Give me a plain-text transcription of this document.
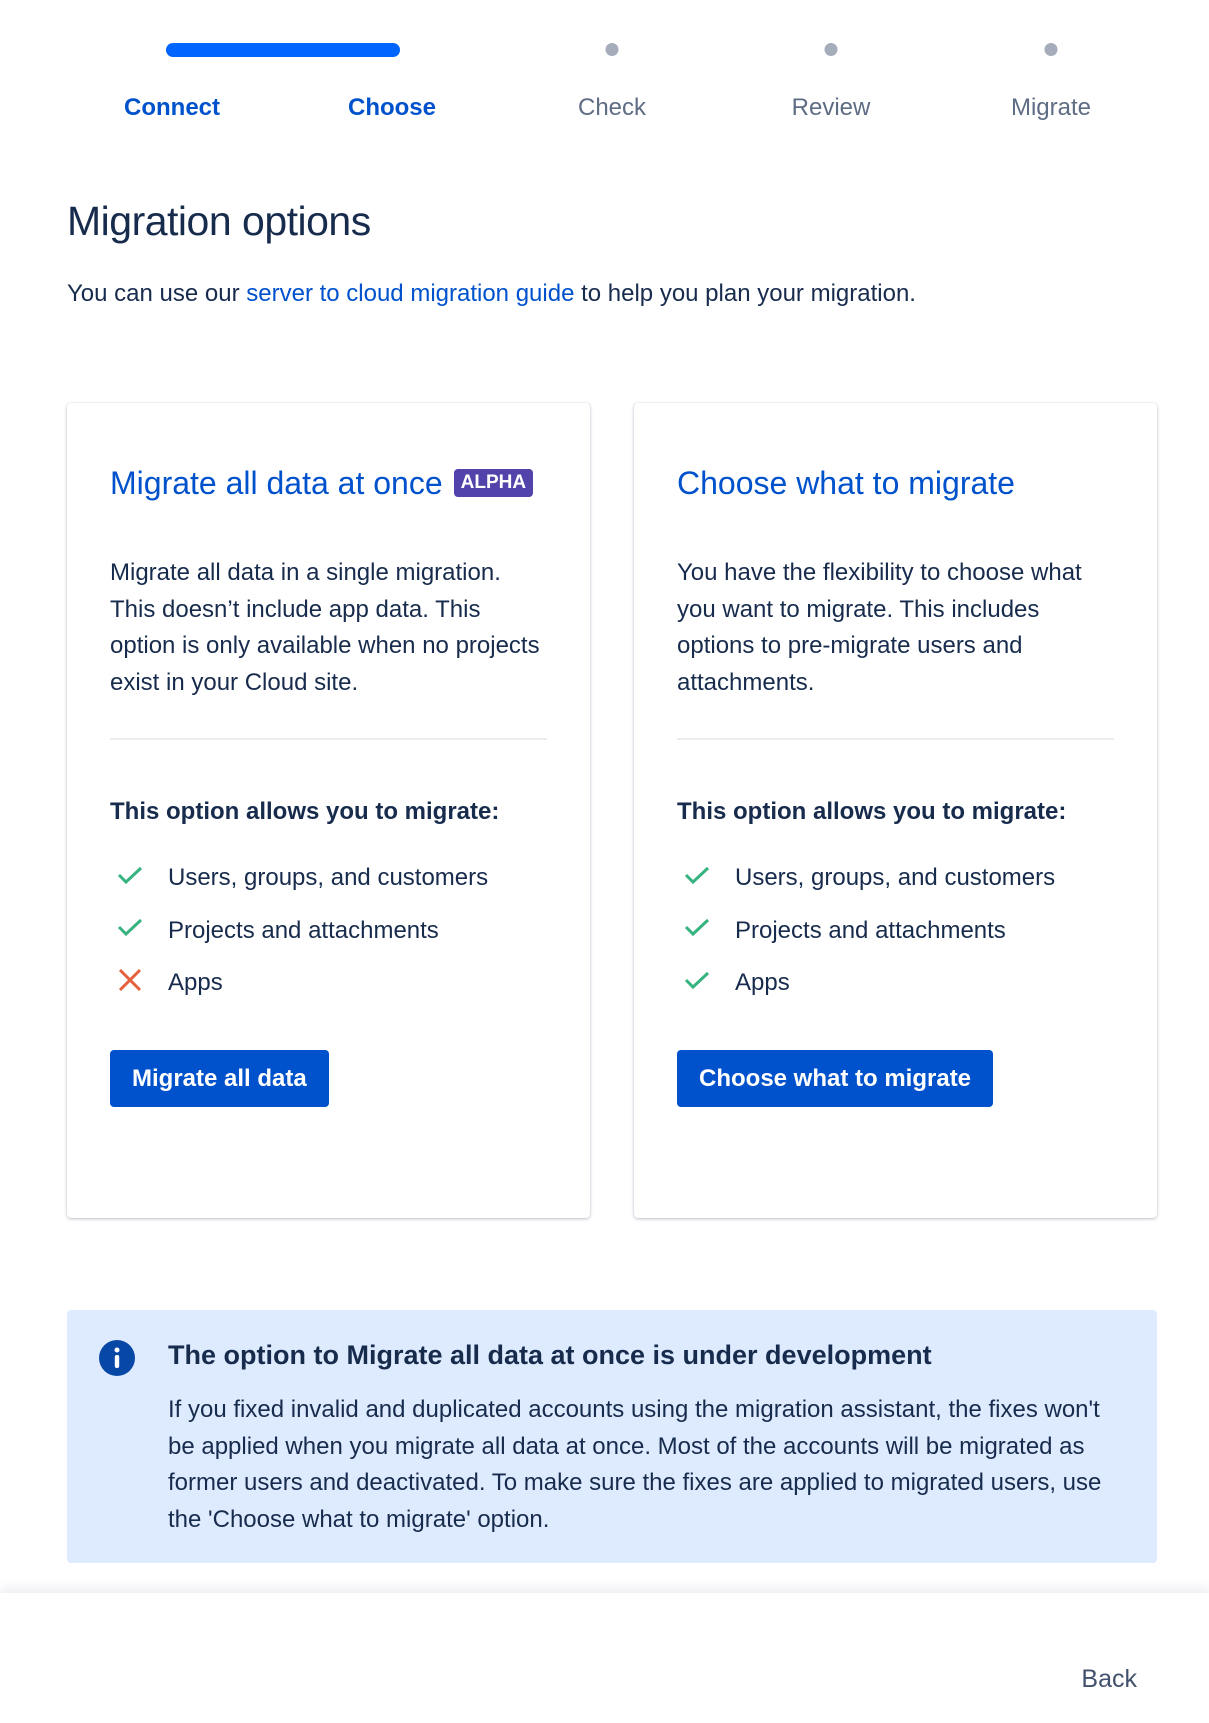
Connect	Choose	Check	Review	Migrate
Migration options
You can use our server to cloud migration guide to help you plan your migration.
Migrate all data at once ALPHA

Migrate all data in a single migration. This doesn’t include app data. This option is only available when no projects exist in your Cloud site.

This option allows you to migrate:
Users, groups, and customers
Projects and attachments
Apps
Migrate all data
Choose what to migrate

You have the flexibility to choose what you want to migrate. This includes options to pre-migrate users and attachments.

This option allows you to migrate:
Users, groups, and customers
Projects and attachments
Apps
Choose what to migrate
The option to Migrate all data at once is under development

If you fixed invalid and duplicated accounts using the migration assistant, the fixes won't be applied when you migrate all data at once. Most of the accounts will be migrated as former users and deactivated. To make sure the fixes are applied to migrated users, use the 'Choose what to migrate' option.

Back
